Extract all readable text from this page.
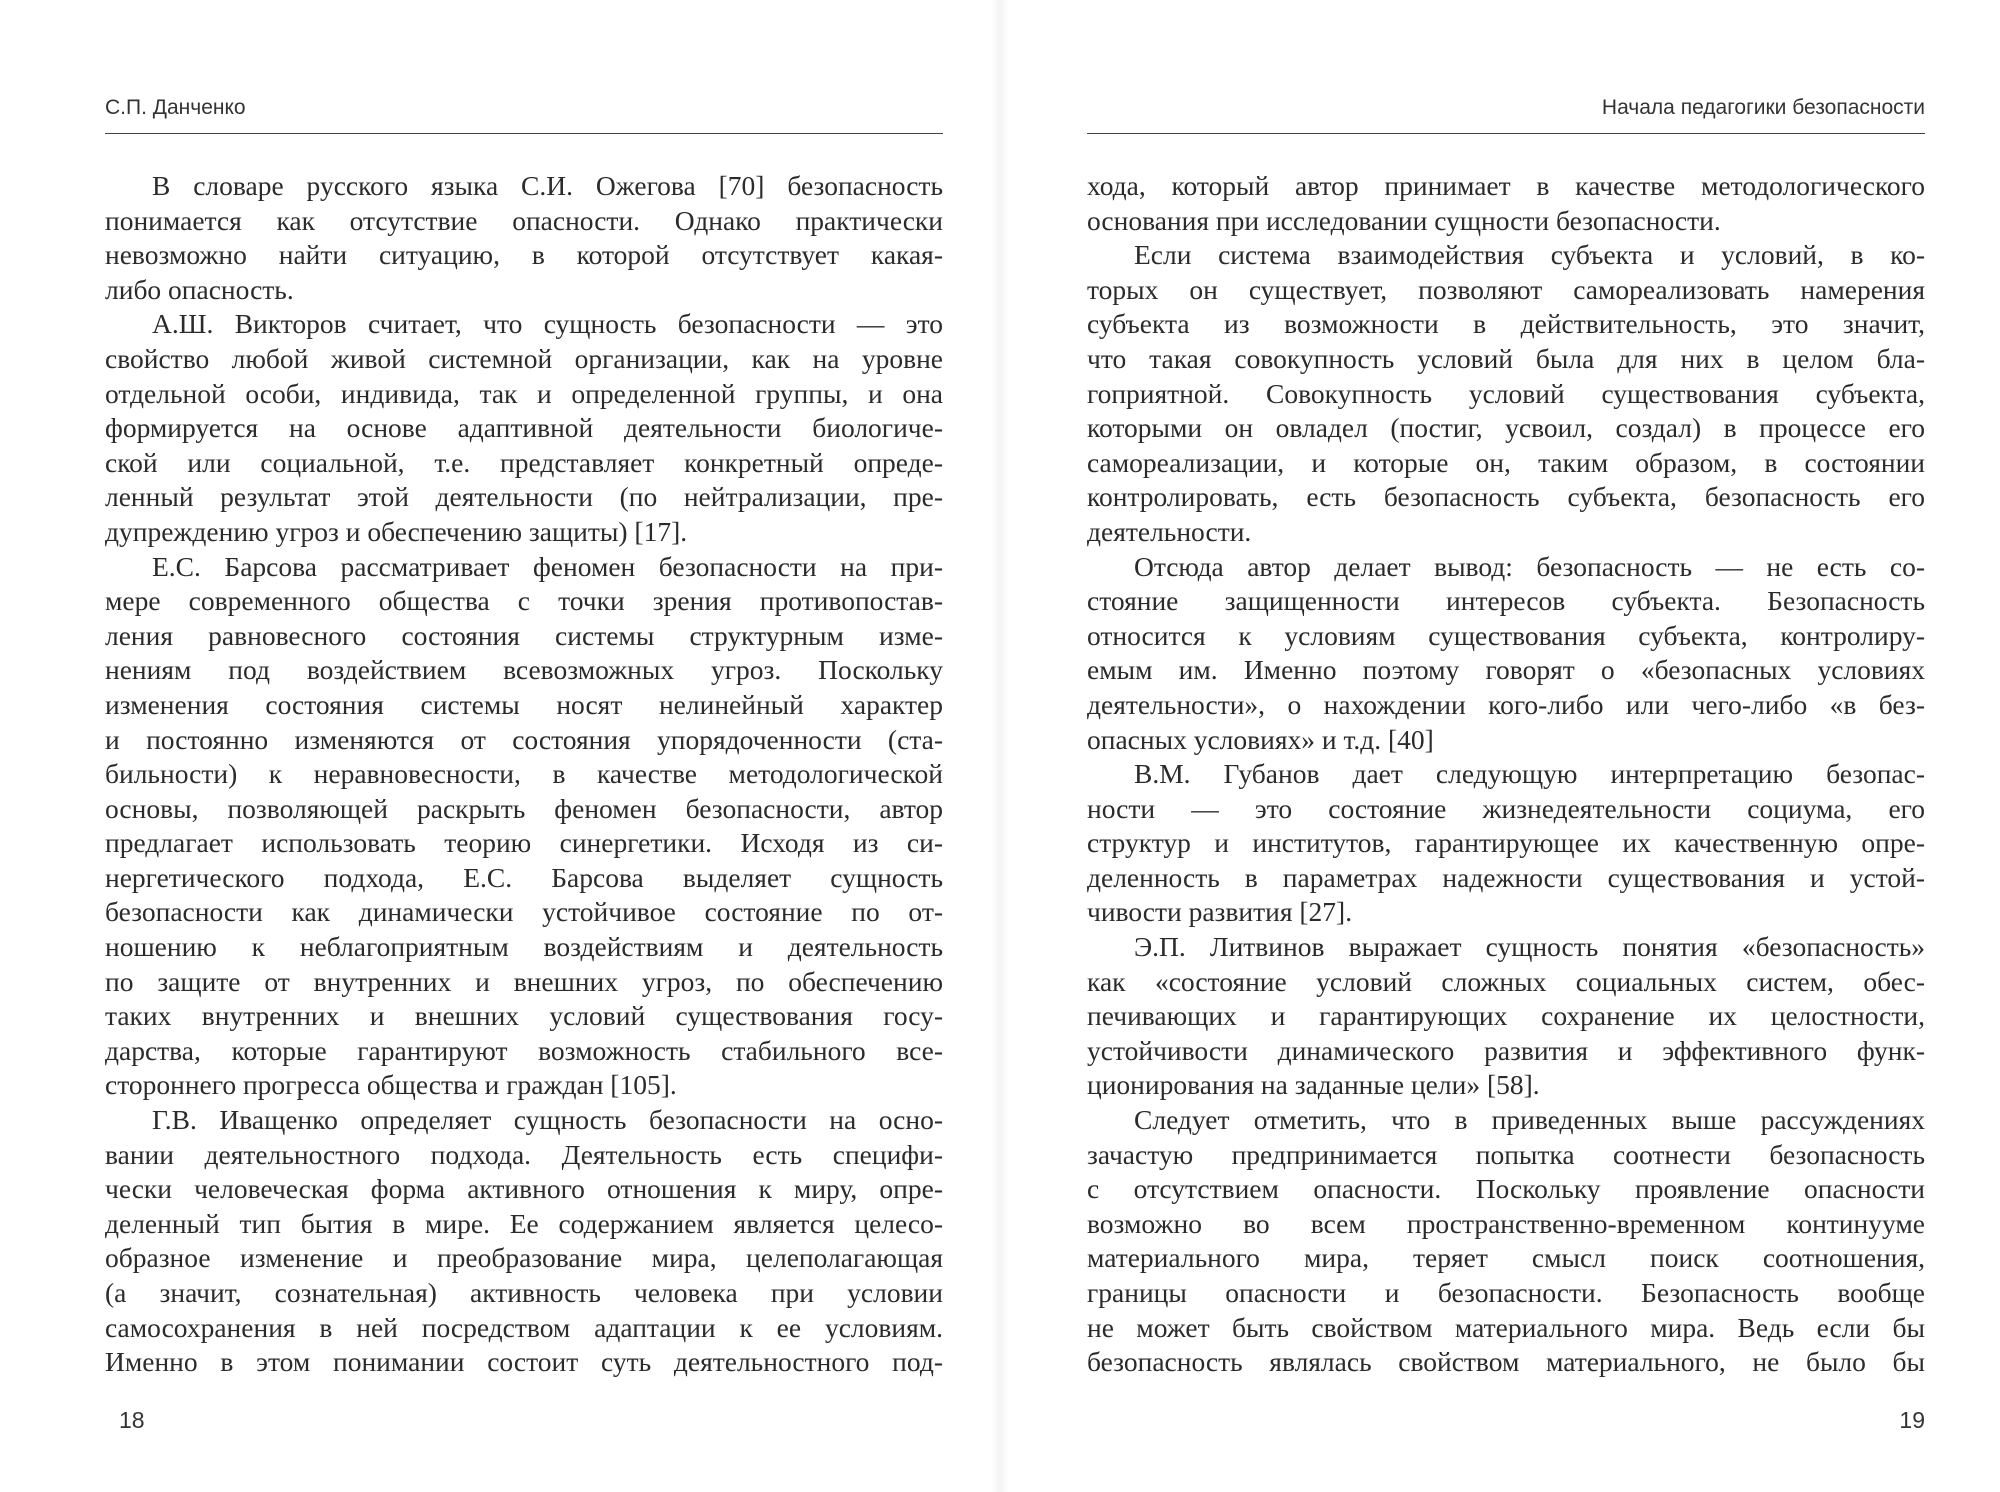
С.П. Данченко
В словаре русского языка С.И. Ожегова [70] безопасность
понимается как отсутствие опасности. Однако практически
невозможно найти ситуацию, в которой отсутствует какая-
либо опасность.
А.Ш. Викторов считает, что сущность безопасности — это
свойство любой живой системной организации, как на уровне
отдельной особи, индивида, так и определенной группы, и она
формируется на основе адаптивной деятельности биологиче-
ской или социальной, т.е. представляет конкретный опреде-
ленный результат этой деятельности (по нейтрализации, пре-
дупреждению угроз и обеспечению защиты) [17].
Е.С. Барсова рассматривает феномен безопасности на при-
мере современного общества с точки зрения противопостав-
ления равновесного состояния системы структурным изме-
нениям под воздействием всевозможных угроз. Поскольку
изменения состояния системы носят нелинейный характер
и постоянно изменяются от состояния упорядоченности (ста-
бильности) к неравновесности, в качестве методологической
основы, позволяющей раскрыть феномен безопасности, автор
предлагает использовать теорию синергетики. Исходя из си-
нергетического подхода, Е.С. Барсова выделяет сущность
безопасности как динамически устойчивое состояние по от-
ношению к неблагоприятным воздействиям и деятельность
по защите от внутренних и внешних угроз, по обеспечению
таких внутренних и внешних условий существования госу-
дарства, которые гарантируют возможность стабильного все-
стороннего прогресса общества и граждан [105].
Г.В. Иващенко определяет сущность безопасности на осно-
вании деятельностного подхода. Деятельность есть специфи-
чески человеческая форма активного отношения к миру, опре-
деленный тип бытия в мире. Ее содержанием является целесо-
образное изменение и преобразование мира, целеполагающая
(а значит, сознательная) активность человека при условии
самосохранения в ней посредством адаптации к ее условиям.
Именно в этом понимании состоит суть деятельностного под-
18
Начала педагогики безопасности
хода, который автор принимает в качестве методологического
основания при исследовании сущности безопасности.
Если система взаимодействия субъекта и условий, в ко-
торых он существует, позволяют самореализовать намерения
субъекта из возможности в действительность, это значит,
что такая совокупность условий была для них в целом бла-
гоприятной. Совокупность условий существования субъекта,
которыми он овладел (постиг, усвоил, создал) в процессе его
самореализации, и которые он, таким образом, в состоянии
контролировать, есть безопасность субъекта, безопасность его
деятельности.
Отсюда автор делает вывод: безопасность — не есть со-
стояние защищенности интересов субъекта. Безопасность
относится к условиям существования субъекта, контролиру-
емым им. Именно поэтому говорят о «безопасных условиях
деятельности», о нахождении кого-либо или чего-либо «в без-
опасных условиях» и т.д. [40]
В.М. Губанов дает следующую интерпретацию безопас-
ности — это состояние жизнедеятельности социума, его
структур и институтов, гарантирующее их качественную опре-
деленность в параметрах надежности существования и устой-
чивости развития [27].
Э.П. Литвинов выражает сущность понятия «безопасность»
как «состояние условий сложных социальных систем, обес-
печивающих и гарантирующих сохранение их целостности,
устойчивости динамического развития и эффективного функ-
ционирования на заданные цели» [58].
Следует отметить, что в приведенных выше рассуждениях
зачастую предпринимается попытка соотнести безопасность
с отсутствием опасности. Поскольку проявление опасности
возможно во всем пространственно-временном континууме
материального мира, теряет смысл поиск соотношения,
границы опасности и безопасности. Безопасность вообще
не может быть свойством материального мира. Ведь если бы
безопасность являлась свойством материального, не было бы
19
